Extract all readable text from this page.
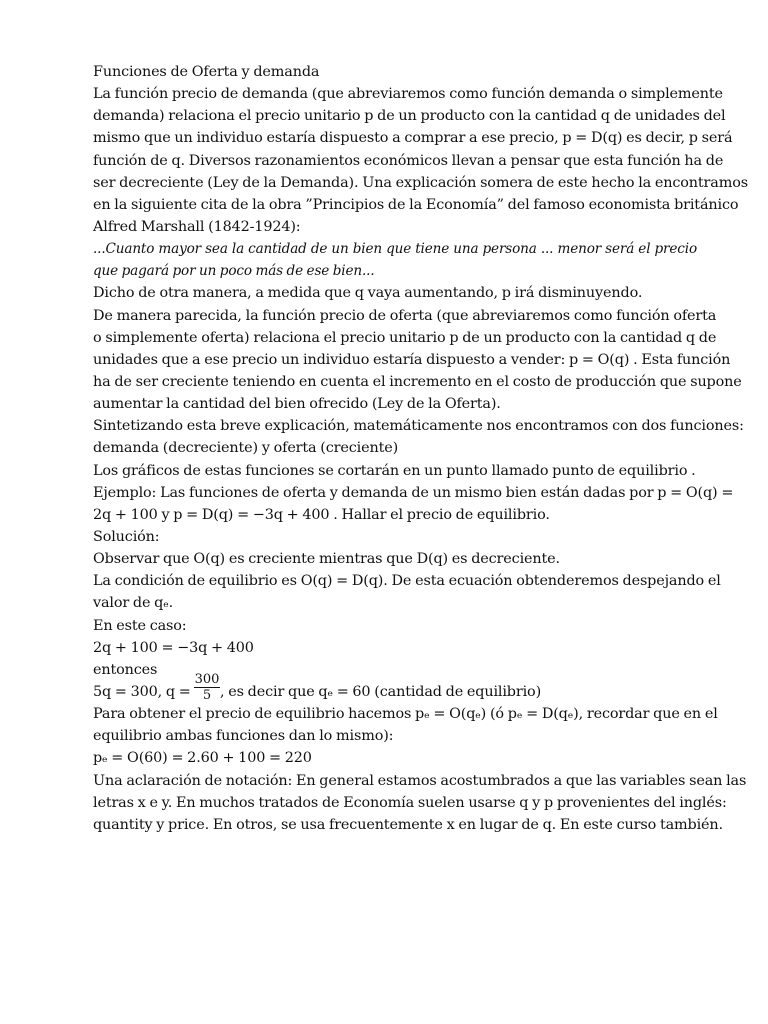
Funciones de Oferta y demanda
La función precio de demanda (que abreviaremos como función demanda o simplemente
demanda) relaciona el precio unitario p de un producto con la cantidad q de unidades del
mismo que un individuo estaría dispuesto a comprar a ese precio, p = D(q) es decir, p será
función de q. Diversos razonamientos económicos llevan a pensar que esta función ha de
ser decreciente (Ley de la Demanda). Una explicación somera de este hecho la encontramos
en la siguiente cita de la obra ”Principios de la Economía” del famoso economista británico
Alfred Marshall (1842-1924):
...Cuanto mayor sea la cantidad de un bien que tiene una persona ... menor será el precio
que pagará por un poco más de ese bien...
Dicho de otra manera, a medida que q vaya aumentando, p irá disminuyendo.
De manera parecida, la función precio de oferta (que abreviaremos como función oferta
o simplemente oferta) relaciona el precio unitario p de un producto con la cantidad q de
unidades que a ese precio un individuo estaría dispuesto a vender: p = O(q) . Esta función
ha de ser creciente teniendo en cuenta el incremento en el costo de producción que supone
aumentar la cantidad del bien ofrecido (Ley de la Oferta).
Sintetizando esta breve explicación, matemáticamente nos encontramos con dos funciones:
demanda (decreciente) y oferta (creciente)
Los gráficos de estas funciones se cortarán en un punto llamado punto de equilibrio .
Ejemplo: Las funciones de oferta y demanda de un mismo bien están dadas por p = O(q) =
2q + 100 y p = D(q) = −3q + 400 . Hallar el precio de equilibrio.
Solución:
Observar que O(q) es creciente mientras que D(q) es decreciente.
La condición de equilibrio es O(q) = D(q). De esta ecuación obtenderemos despejando el
valor de qₑ.
En este caso:
2q + 100 = −3q + 400
entonces
5q = 300, $q = \frac{300}{5}$ , es decir que qₑ = 60 (cantidad de equilibrio)
Para obtener el precio de equilibrio hacemos pₑ = O(qₑ) (ó pₑ = D(qₑ), recordar que en el
equilibrio ambas funciones dan lo mismo):
pₑ = O(60) = 2.60 + 100 = 220
Una aclaración de notación: En general estamos acostumbrados a que las variables sean las
letras x e y. En muchos tratados de Economía suelen usarse q y p provenientes del inglés:
quantity y price. En otros, se usa frecuentemente x en lugar de q. En este curso también.
